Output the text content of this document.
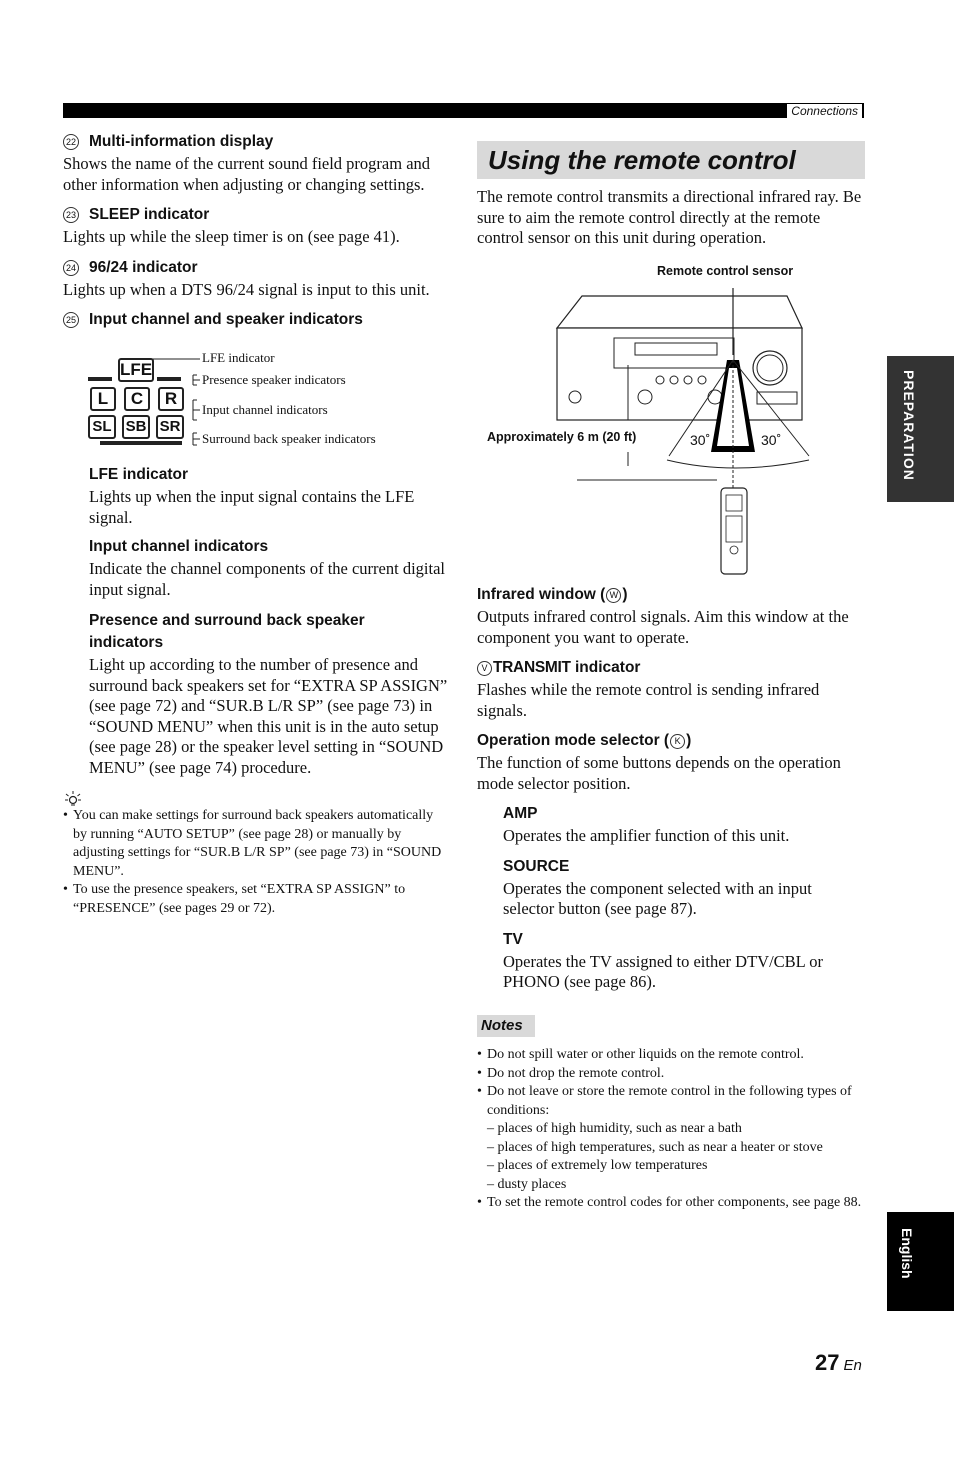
Connections
22 Multi-information display
Shows the name of the current sound field program and other information when adjusting or changing settings.
23 SLEEP indicator
Lights up while the sleep timer is on (see page 41).
24 96/24 indicator
Lights up when a DTS 96/24 signal is input to this unit.
25 Input channel and speaker indicators
LFE
L	C	R
SL SB SR
LFE indicator
Presence speaker indicators
Input channel indicators
Surround back speaker indicators
LFE indicator
Lights up when the input signal contains the LFE signal.
Input channel indicators
Indicate the channel components of the current digital input signal.
Presence and surround back speaker indicators
Light up according to the number of presence and surround back speakers set for “EXTRA SP ASSIGN” (see page 72) and “SUR.B L/R SP” (see page 73) in “SOUND MENU” when this unit is in the auto setup (see page 28) or the speaker level setting in “SOUND MENU” (see page 74) procedure.
• You can make settings for surround back speakers automatically by running “AUTO SETUP” (see page 28) or manually by adjusting settings for “SUR.B L/R SP” (see page 73) in “SOUND MENU”.
• To use the presence speakers, set “EXTRA SP ASSIGN” to “PRESENCE” (see pages 29 or 72).
Using the remote control
The remote control transmits a directional infrared ray. Be sure to aim the remote control directly at the remote control sensor on this unit during operation.
Remote control sensor
Approximately 6 m (20 ft)	30˚	30˚
Infrared window ( W )
Outputs infrared control signals. Aim this window at the component you want to operate.
V TRANSMIT indicator
Flashes while the remote control is sending infrared signals.
Operation mode selector ( K )
The function of some buttons depends on the operation mode selector position.
AMP
Operates the amplifier function of this unit.
SOURCE
Operates the component selected with an input selector button (see page 87).
TV
Operates the TV assigned to either DTV/CBL or PHONO (see page 86).
Notes
• Do not spill water or other liquids on the remote control.
• Do not drop the remote control.
• Do not leave or store the remote control in the following types of conditions:
– places of high humidity, such as near a bath
– places of high temperatures, such as near a heater or stove
– places of extremely low temperatures
– dusty places
• To set the remote control codes for other components, see page 88.
PREPARATION
English
27 En
